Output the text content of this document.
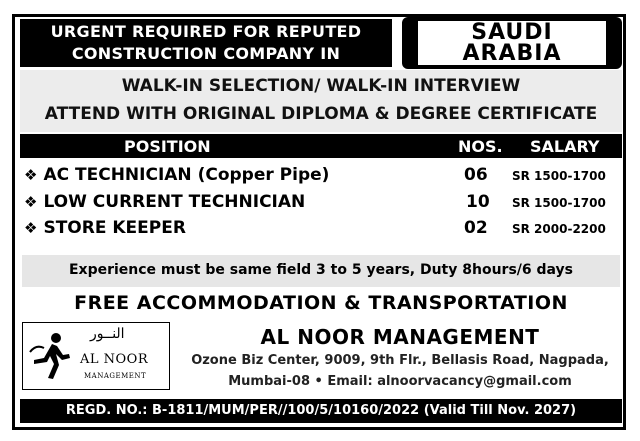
URGENT REQUIRED FOR REPUTED
CONSTRUCTION COMPANY IN
SAUDI
ARABIA
WALK-IN SELECTION/ WALK-IN INTERVIEW
ATTEND WITH ORIGINAL DIPLOMA & DEGREE CERTIFICATE
POSITION	NOS. SALARY
❖ AC TECHNICIAN (Copper Pipe)	06 SR 1500-1700
❖ LOW CURRENT TECHNICIAN	10 SR 1500-1700
❖ STORE KEEPER	02 SR 2000-2200
Experience must be same field 3 to 5 years, Duty 8hours/6 days
FREE ACCOMMODATION & TRANSPORTATION
النــور
AL NOOR
MANAGEMENT
AL NOOR MANAGEMENT
Ozone Biz Center, 9009, 9th Flr., Bellasis Road, Nagpada,
Mumbai-08 • Email: alnoorvacancy@gmail.com
REGD. NO.: B-1811/MUM/PER//100/5/10160/2022 (Valid Till Nov. 2027)
